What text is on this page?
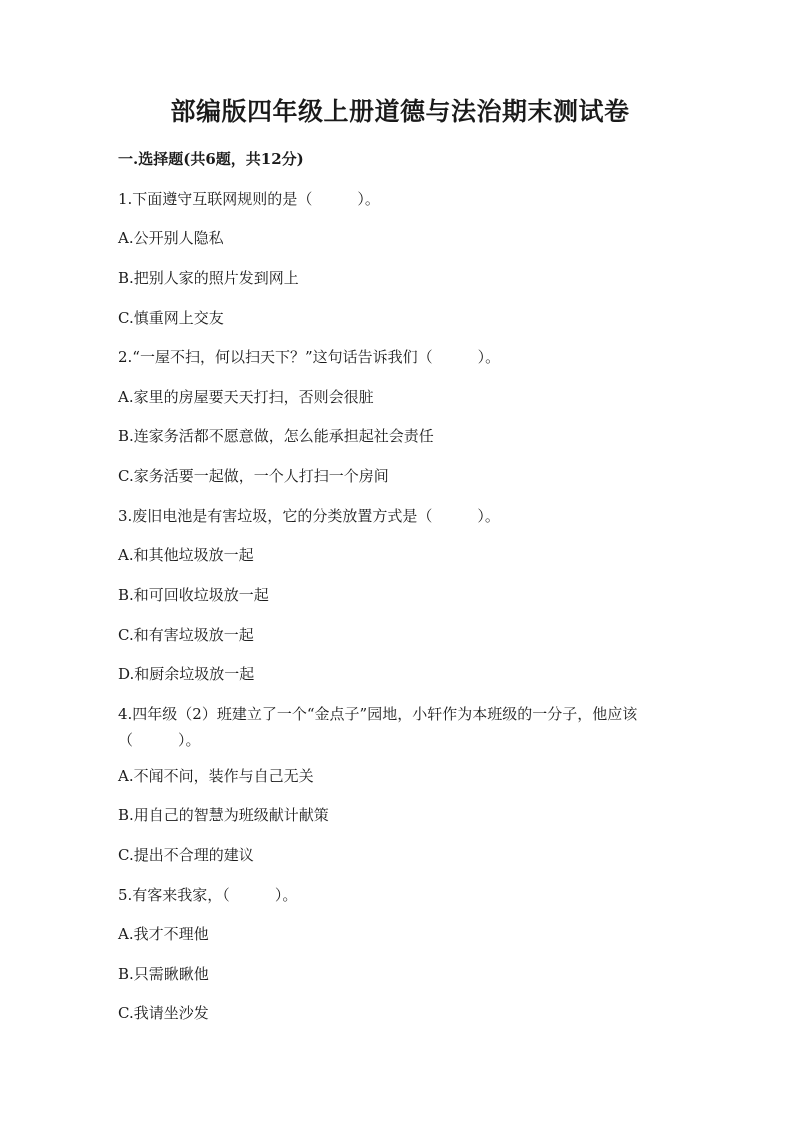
部编版四年级上册道德与法治期末测试卷
一.选择题(共6题，共12分)

1.下面遵守互联网规则的是（　　　）。

A.公开别人隐私

B.把别人家的照片发到网上

C.慎重网上交友

2.“一屋不扫，何以扫天下？”这句话告诉我们（　　　）。

A.家里的房屋要天天打扫，否则会很脏

B.连家务活都不愿意做，怎么能承担起社会责任

C.家务活要一起做，一个人打扫一个房间

3.废旧电池是有害垃圾，它的分类放置方式是（　　　）。

A.和其他垃圾放一起

B.和可回收垃圾放一起

C.和有害垃圾放一起

D.和厨余垃圾放一起

4.四年级（2）班建立了一个“金点子”园地，小轩作为本班级的一分子，他应该（　　　）。

A.不闻不问，装作与自己无关

B.用自己的智慧为班级献计献策

C.提出不合理的建议

5.有客来我家，（　　　）。

A.我才不理他

B.只需瞅瞅他

C.我请坐沙发
